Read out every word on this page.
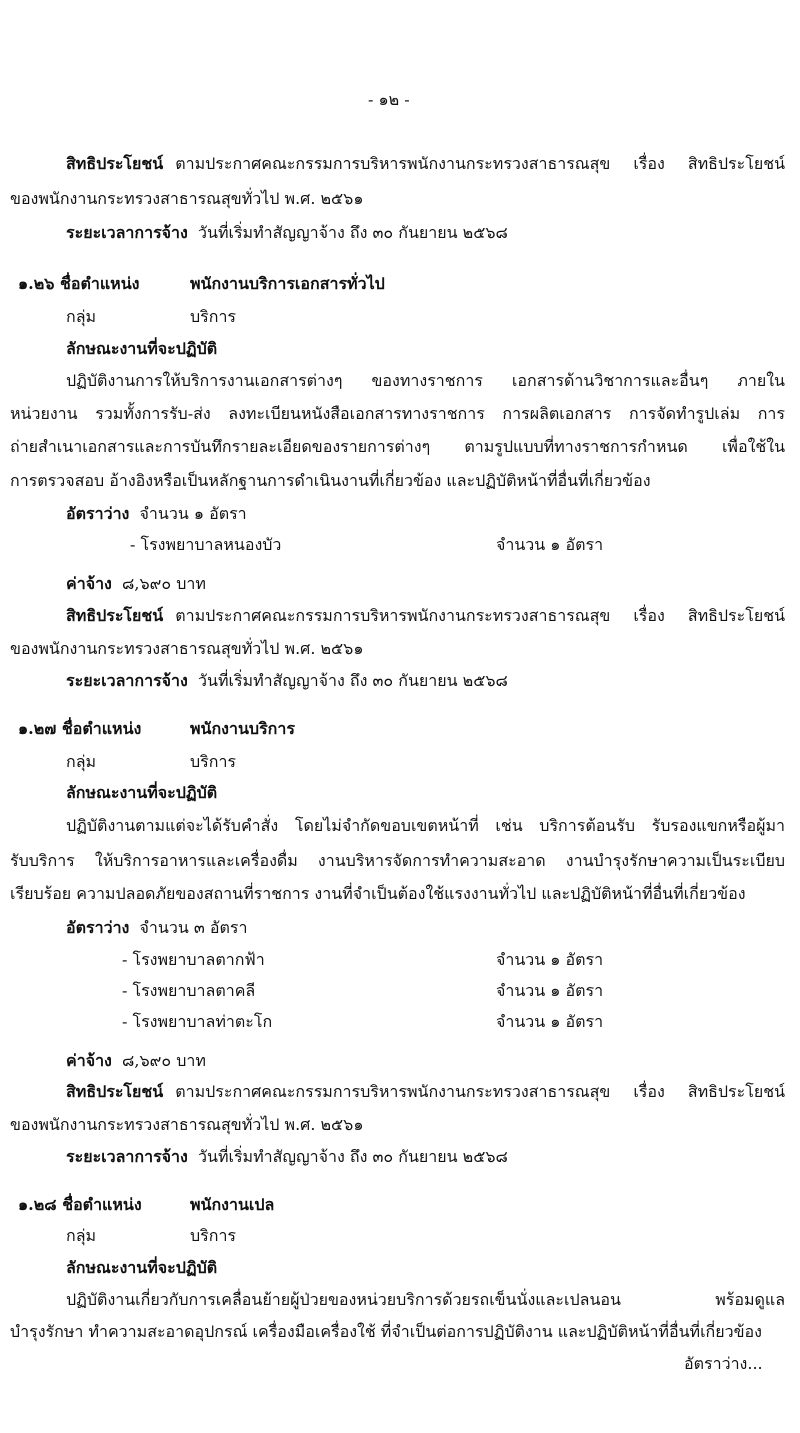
- ๑๒ -
สิทธิประโยชน์ ตามประกาศคณะกรรมการบริหารพนักงานกระทรวงสาธารณสุข เรื่อง สิทธิประโยชน์
ของพนักงานกระทรวงสาธารณสุขทั่วไป พ.ศ. ๒๕๖๑
ระยะเวลาการจ้าง วันที่เริ่มทำสัญญาจ้าง ถึง ๓๐ กันยายน ๒๕๖๘
๑.๒๖ ชื่อตำแหน่ง	พนักงานบริการเอกสารทั่วไป
กลุ่ม	บริการ
ลักษณะงานที่จะปฏิบัติ
ปฏิบัติงานการให้บริการงานเอกสารต่างๆ ของทางราชการ เอกสารด้านวิชาการและอื่นๆ ภายใน
หน่วยงาน รวมทั้งการรับ-ส่ง ลงทะเบียนหนังสือเอกสารทางราชการ การผลิตเอกสาร การจัดทำรูปเล่ม การ
ถ่ายสำเนาเอกสารและการบันทึกรายละเอียดของรายการต่างๆ ตามรูปแบบที่ทางราชการกำหนด เพื่อใช้ใน
การตรวจสอบ อ้างอิงหรือเป็นหลักฐานการดำเนินงานที่เกี่ยวข้อง และปฏิบัติหน้าที่อื่นที่เกี่ยวข้อง
อัตราว่าง จำนวน ๑ อัตรา
- โรงพยาบาลหนองบัว	จำนวน ๑ อัตรา
ค่าจ้าง ๘,๖๙๐ บาท
สิทธิประโยชน์ ตามประกาศคณะกรรมการบริหารพนักงานกระทรวงสาธารณสุข เรื่อง สิทธิประโยชน์
ของพนักงานกระทรวงสาธารณสุขทั่วไป พ.ศ. ๒๕๖๑
ระยะเวลาการจ้าง วันที่เริ่มทำสัญญาจ้าง ถึง ๓๐ กันยายน ๒๕๖๘
๑.๒๗ ชื่อตำแหน่ง	พนักงานบริการ
กลุ่ม	บริการ
ลักษณะงานที่จะปฏิบัติ
ปฏิบัติงานตามแต่จะได้รับคำสั่ง โดยไม่จำกัดขอบเขตหน้าที่ เช่น บริการต้อนรับ รับรองแขกหรือผู้มา
รับบริการ ให้บริการอาหารและเครื่องดื่ม งานบริหารจัดการทำความสะอาด งานบำรุงรักษาความเป็นระเบียบ
เรียบร้อย ความปลอดภัยของสถานที่ราชการ งานที่จำเป็นต้องใช้แรงงานทั่วไป และปฏิบัติหน้าที่อื่นที่เกี่ยวข้อง
อัตราว่าง จำนวน ๓ อัตรา
- โรงพยาบาลตากฟ้า	จำนวน ๑ อัตรา
- โรงพยาบาลตาคลี	จำนวน ๑ อัตรา
- โรงพยาบาลท่าตะโก	จำนวน ๑ อัตรา
ค่าจ้าง ๘,๖๙๐ บาท
สิทธิประโยชน์ ตามประกาศคณะกรรมการบริหารพนักงานกระทรวงสาธารณสุข เรื่อง สิทธิประโยชน์
ของพนักงานกระทรวงสาธารณสุขทั่วไป พ.ศ. ๒๕๖๑
ระยะเวลาการจ้าง วันที่เริ่มทำสัญญาจ้าง ถึง ๓๐ กันยายน ๒๕๖๘
๑.๒๘ ชื่อตำแหน่ง	พนักงานเปล
กลุ่ม	บริการ
ลักษณะงานที่จะปฏิบัติ
ปฏิบัติงานเกี่ยวกับการเคลื่อนย้ายผู้ป่วยของหน่วยบริการด้วยรถเข็นนั่งและเปลนอน พร้อมดูแล
บำรุงรักษา ทำความสะอาดอุปกรณ์ เครื่องมือเครื่องใช้ ที่จำเป็นต่อการปฏิบัติงาน และปฏิบัติหน้าที่อื่นที่เกี่ยวข้อง
อัตราว่าง...
